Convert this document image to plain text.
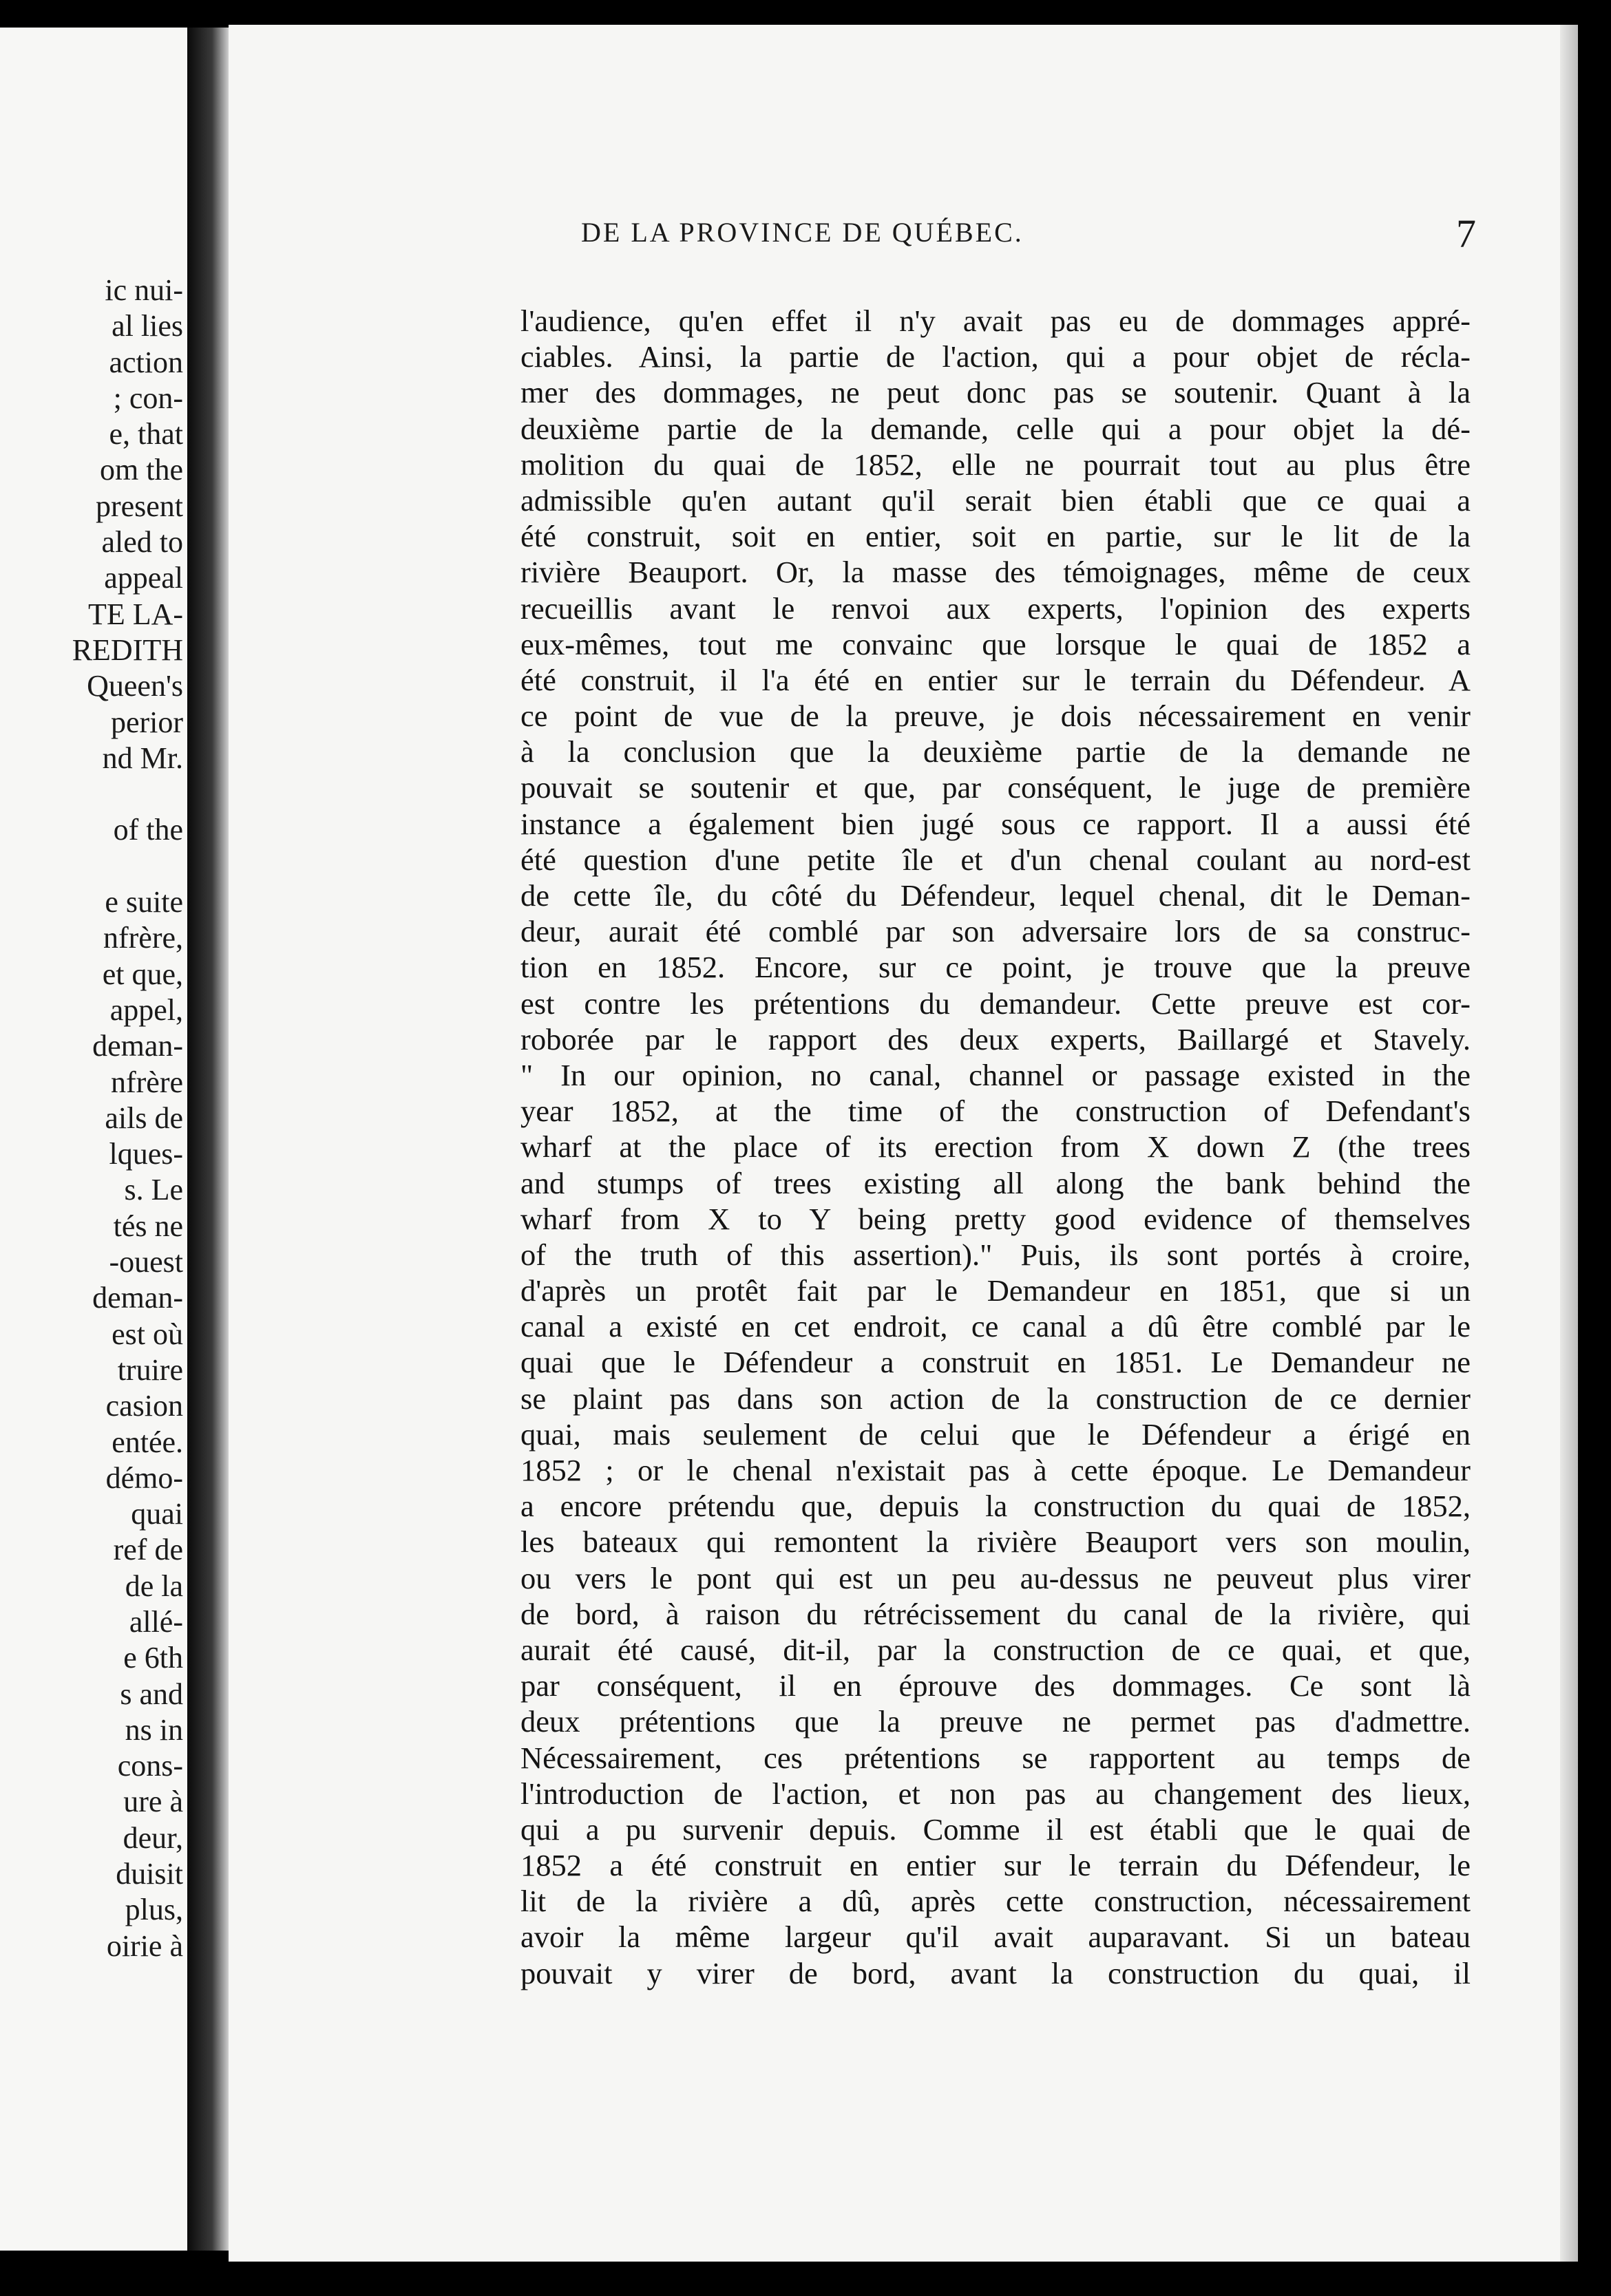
ic nui-
al lies
action
; con-
e, that
om the
present
aled to
appeal
TE LA-
REDITH
Queen's
perior
nd Mr.
of the
e suite
nfrère,
et que,
appel,
deman-
nfrère
ails de
lques-
s. Le
tés ne
-ouest
deman-
est où
truire
casion
entée.
démo-
quai
ref de
de la
allé-
e 6th
s and
ns in
cons-
ure à
deur,
duisit
plus,
oirie à
DE LA PROVINCE DE QUÉBEC.	7
l'audience, qu'en effet il n'y avait pas eu de dommages appré-
ciables. Ainsi, la partie de l'action, qui a pour objet de récla-
mer des dommages, ne peut donc pas se soutenir. Quant à la
deuxième partie de la demande, celle qui a pour objet la dé-
molition du quai de 1852, elle ne pourrait tout au plus être
admissible qu'en autant qu'il serait bien établi que ce quai a
été construit, soit en entier, soit en partie, sur le lit de la
rivière Beauport. Or, la masse des témoignages, même de ceux
recueillis avant le renvoi aux experts, l'opinion des experts
eux-mêmes, tout me convainc que lorsque le quai de 1852 a
été construit, il l'a été en entier sur le terrain du Défendeur. A
ce point de vue de la preuve, je dois nécessairement en venir
à la conclusion que la deuxième partie de la demande ne
pouvait se soutenir et que, par conséquent, le juge de première
instance a également bien jugé sous ce rapport. Il a aussi été
été question d'une petite île et d'un chenal coulant au nord-est
de cette île, du côté du Défendeur, lequel chenal, dit le Deman-
deur, aurait été comblé par son adversaire lors de sa construc-
tion en 1852. Encore, sur ce point, je trouve que la preuve
est contre les prétentions du demandeur. Cette preuve est cor-
roborée par le rapport des deux experts, Baillargé et Stavely.
" In our opinion, no canal, channel or passage existed in the
year 1852, at the time of the construction of Defendant's
wharf at the place of its erection from X down Z (the trees
and stumps of trees existing all along the bank behind the
wharf from X to Y being pretty good evidence of themselves
of the truth of this assertion)." Puis, ils sont portés à croire,
d'après un protêt fait par le Demandeur en 1851, que si un
canal a existé en cet endroit, ce canal a dû être comblé par le
quai que le Défendeur a construit en 1851. Le Demandeur ne
se plaint pas dans son action de la construction de ce dernier
quai, mais seulement de celui que le Défendeur a érigé en
1852 ; or le chenal n'existait pas à cette époque. Le Demandeur
a encore prétendu que, depuis la construction du quai de 1852,
les bateaux qui remontent la rivière Beauport vers son moulin,
ou vers le pont qui est un peu au-dessus ne peuveut plus virer
de bord, à raison du rétrécissement du canal de la rivière, qui
aurait été causé, dit-il, par la construction de ce quai, et que,
par conséquent, il en éprouve des dommages. Ce sont là
deux prétentions que la preuve ne permet pas d'admettre.
Nécessairement, ces prétentions se rapportent au temps de
l'introduction de l'action, et non pas au changement des lieux,
qui a pu survenir depuis. Comme il est établi que le quai de
1852 a été construit en entier sur le terrain du Défendeur, le
lit de la rivière a dû, après cette construction, nécessairement
avoir la même largeur qu'il avait auparavant. Si un bateau
pouvait y virer de bord, avant la construction du quai, il
